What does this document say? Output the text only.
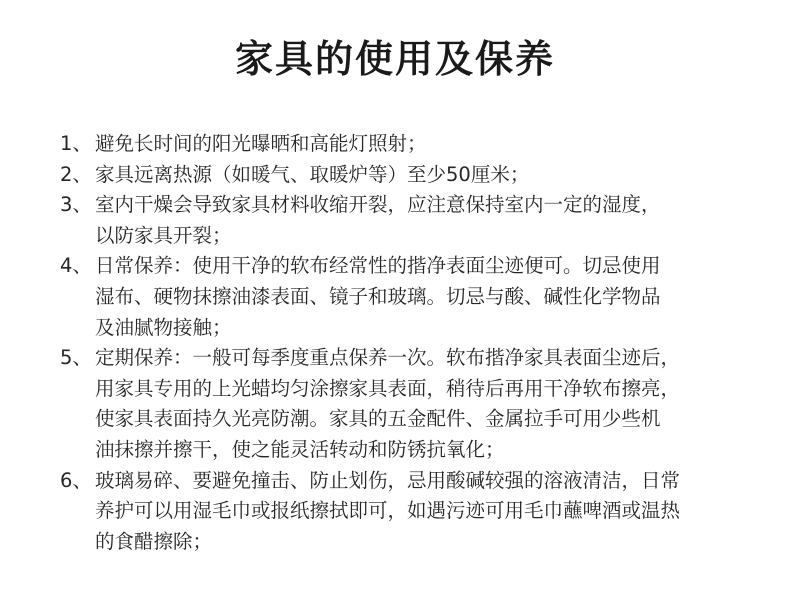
家具的使用及保养
1、 避免长时间的阳光曝晒和高能灯照射；
2、 家具远离热源（如暖气、取暖炉等）至少50厘米；
3、 室内干燥会导致家具材料收缩开裂，应注意保持室内一定的湿度，
以防家具开裂；
4、 日常保养：使用干净的软布经常性的揩净表面尘迹便可。切忌使用
湿布、硬物抹擦油漆表面、镜子和玻璃。切忌与酸、碱性化学物品
及油腻物接触；
5、 定期保养：一般可每季度重点保养一次。软布揩净家具表面尘迹后，
用家具专用的上光蜡均匀涂擦家具表面，稍待后再用干净软布擦亮，
使家具表面持久光亮防潮。家具的五金配件、金属拉手可用少些机
油抹擦并擦干，使之能灵活转动和防锈抗氧化；
6、 玻璃易碎、要避免撞击、防止划伤，忌用酸碱较强的溶液清洁，日常
养护可以用湿毛巾或报纸擦拭即可，如遇污迹可用毛巾蘸啤酒或温热
的食醋擦除；
